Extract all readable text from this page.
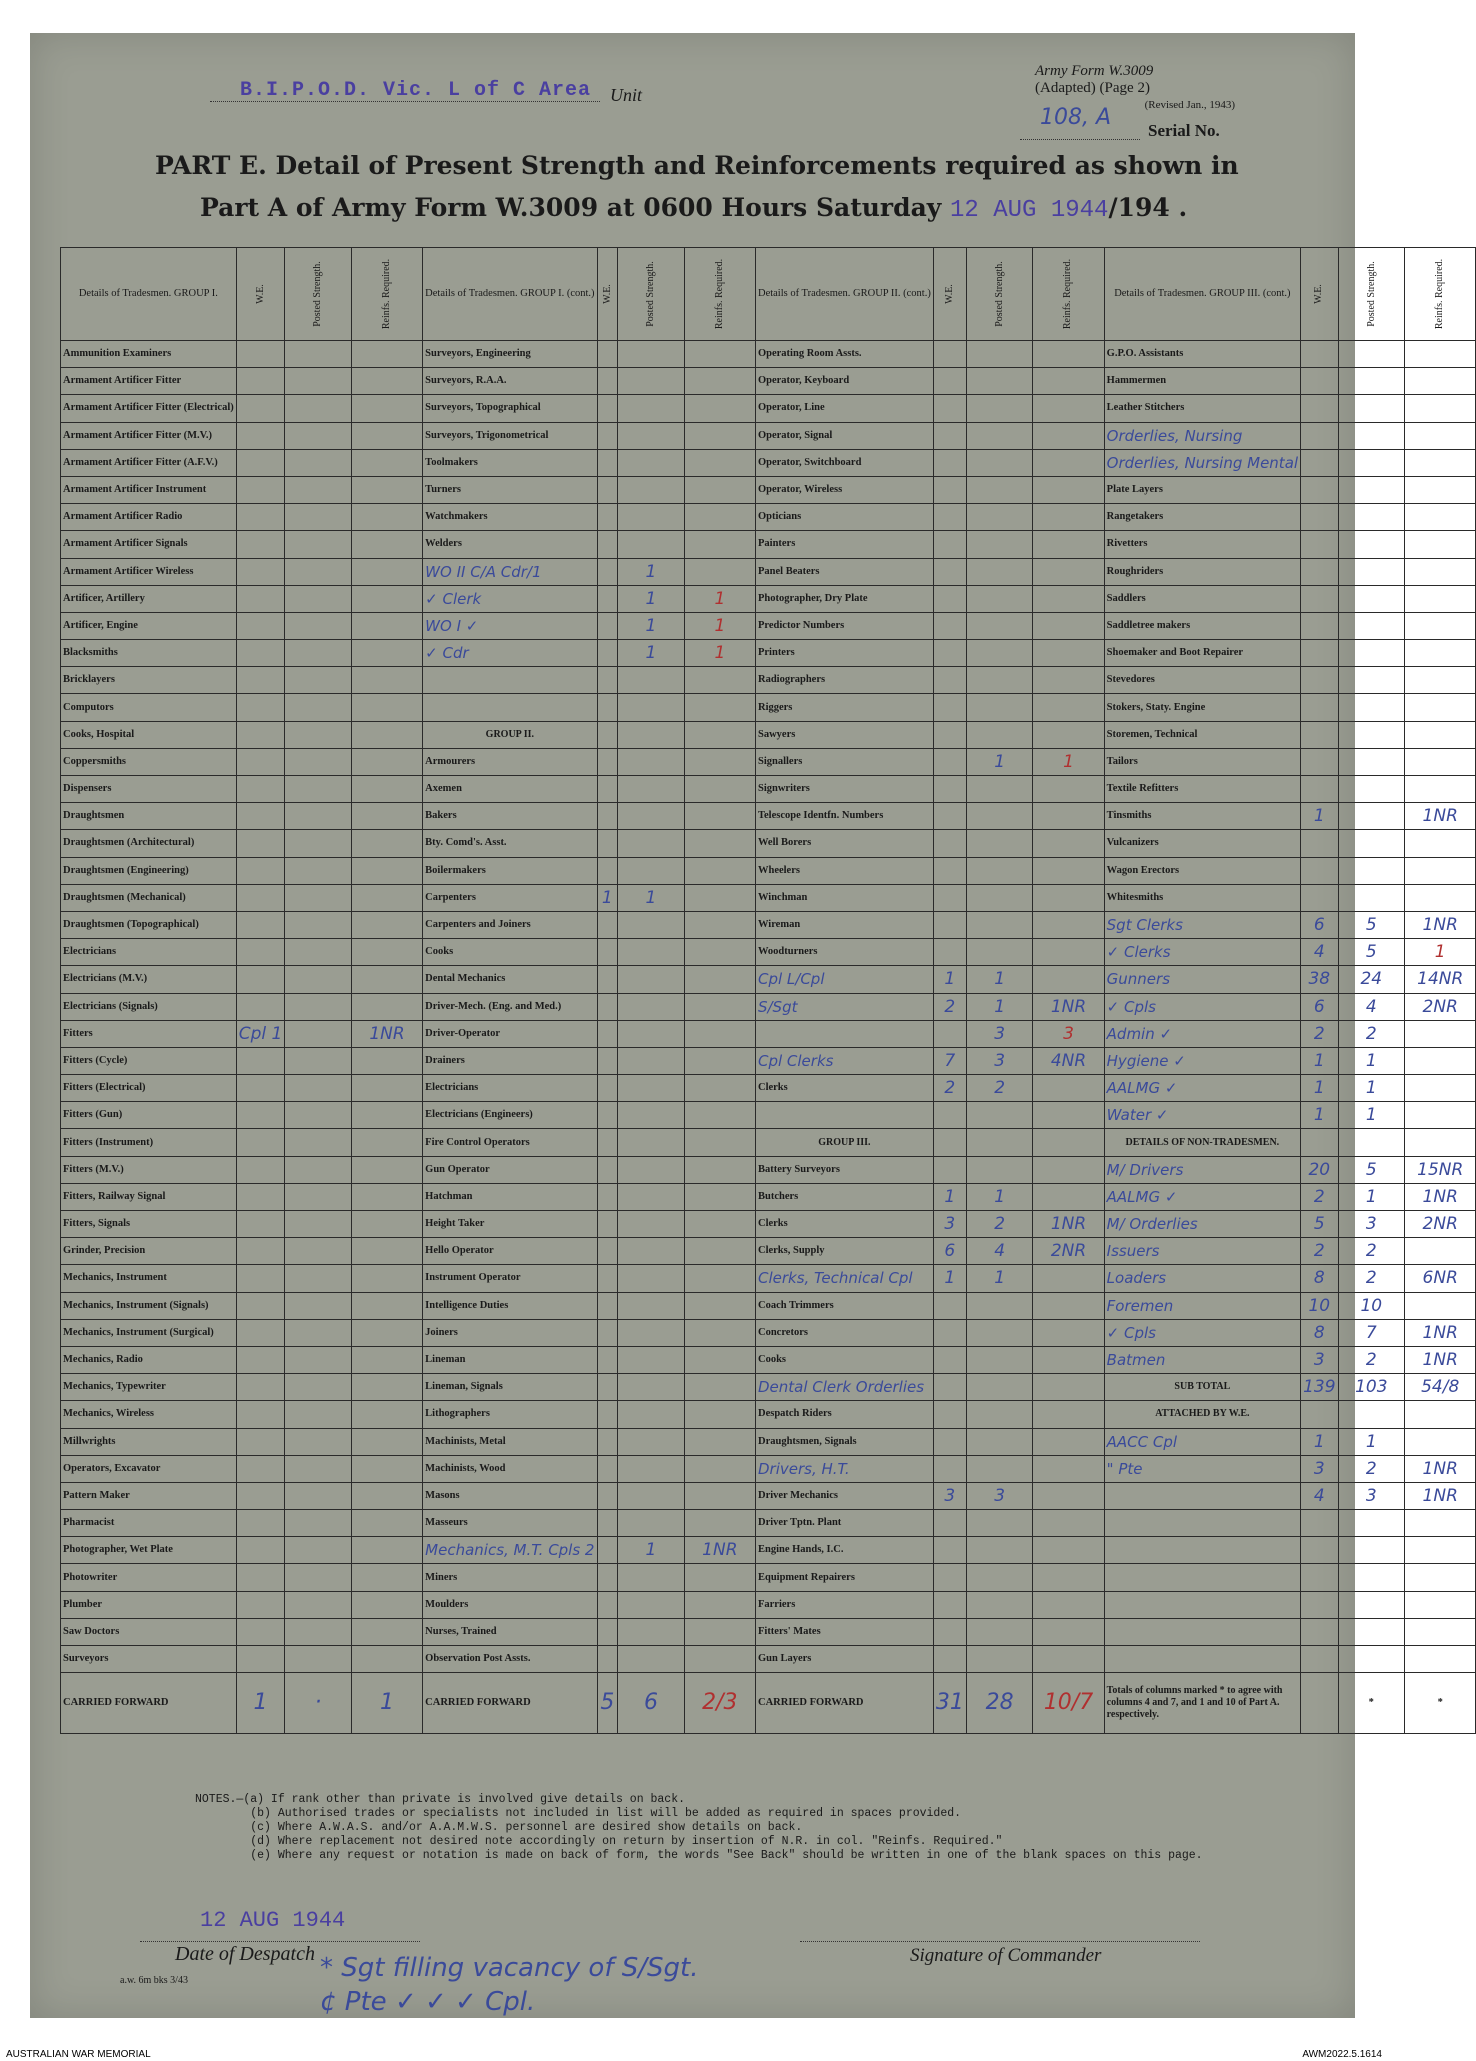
B.I.P.O.D. Vic. L of C Area Unit
Army Form W.3009
(Adapted) (Page 2)
(Revised Jan., 1943)
108, A
Serial No.
PART E. Detail of Present Strength and Reinforcements required as shown in
Part A of Army Form W.3009 at 0600 Hours Saturday 12 AUG 1944/194 .
Details of Tradesmen. GROUP I.	W.E.	Posted Strength.	Reinfs. Required.	Details of Tradesmen. GROUP I. (cont.)	W.E.	Posted Strength.	Reinfs. Required.	Details of Tradesmen. GROUP II. (cont.)	W.E.	Posted Strength.	Reinfs. Required.	Details of Tradesmen. GROUP III. (cont.)	W.E.	Posted Strength.	Reinfs. Required.
Ammunition Examiners				Surveyors, Engineering				Operating Room Assts.				G.P.O. Assistants			
Armament Artificer Fitter				Surveyors, R.A.A.				Operator, Keyboard				Hammermen			
Armament Artificer Fitter (Electrical)				Surveyors, Topographical				Operator, Line				Leather Stitchers			
Armament Artificer Fitter (M.V.)				Surveyors, Trigonometrical				Operator, Signal				Orderlies, Nursing			
Armament Artificer Fitter (A.F.V.)				Toolmakers				Operator, Switchboard				Orderlies, Nursing Mental			
Armament Artificer Instrument				Turners				Operator, Wireless				Plate Layers			
Armament Artificer Radio				Watchmakers				Opticians				Rangetakers			
Armament Artificer Signals				Welders				Painters				Rivetters			
Armament Artificer Wireless				WO II C/A Cdr/1		1		Panel Beaters				Roughriders			
Artificer, Artillery				✓ Clerk		1	1	Photographer, Dry Plate				Saddlers			
Artificer, Engine				WO I ✓		1	1	Predictor Numbers				Saddletree makers			
Blacksmiths				✓ Cdr		1	1	Printers				Shoemaker and Boot Repairer			
Bricklayers								Radiographers				Stevedores			
Computors								Riggers				Stokers, Staty. Engine			
Cooks, Hospital				GROUP II.				Sawyers				Storemen, Technical			
Coppersmiths				Armourers				Signallers		1	1	Tailors			
Dispensers				Axemen				Signwriters				Textile Refitters			
Draughtsmen				Bakers				Telescope Identfn. Numbers				Tinsmiths	1		1NR
Draughtsmen (Architectural)				Bty. Comd's. Asst.				Well Borers				Vulcanizers			
Draughtsmen (Engineering)				Boilermakers				Wheelers				Wagon Erectors			
Draughtsmen (Mechanical)				Carpenters	1	1		Winchman				Whitesmiths			
Draughtsmen (Topographical)				Carpenters and Joiners				Wireman				Sgt Clerks	6	5	1NR
Electricians				Cooks				Woodturners				✓ Clerks	4	5	1
Electricians (M.V.)				Dental Mechanics				Cpl L/Cpl	1	1		Gunners	38	24	14NR
Electricians (Signals)				Driver-Mech. (Eng. and Med.)				S/Sgt	2	1	1NR	✓ Cpls	6	4	2NR
Fitters	Cpl 1		1NR	Driver-Operator						3	3	Admin ✓	2	2	
Fitters (Cycle)				Drainers				Cpl Clerks	7	3	4NR	Hygiene ✓	1	1	
Fitters (Electrical)				Electricians				Clerks	2	2		AALMG ✓	1	1	
Fitters (Gun)				Electricians (Engineers)								Water ✓	1	1	
Fitters (Instrument)				Fire Control Operators				GROUP III.				DETAILS OF NON-TRADESMEN.			
Fitters (M.V.)				Gun Operator				Battery Surveyors				M/ Drivers	20	5	15NR
Fitters, Railway Signal				Hatchman				Butchers	1	1		AALMG ✓	2	1	1NR
Fitters, Signals				Height Taker				Clerks	3	2	1NR	M/ Orderlies	5	3	2NR
Grinder, Precision				Hello Operator				Clerks, Supply	6	4	2NR	Issuers	2	2	
Mechanics, Instrument				Instrument Operator				Clerks, Technical Cpl	1	1		Loaders	8	2	6NR
Mechanics, Instrument (Signals)				Intelligence Duties				Coach Trimmers				Foremen	10	10	
Mechanics, Instrument (Surgical)				Joiners				Concretors				✓ Cpls	8	7	1NR
Mechanics, Radio				Lineman				Cooks				Batmen	3	2	1NR
Mechanics, Typewriter				Lineman, Signals				Dental Clerk Orderlies				SUB TOTAL	139	103	54/8
Mechanics, Wireless				Lithographers				Despatch Riders				ATTACHED BY W.E.			
Millwrights				Machinists, Metal				Draughtsmen, Signals				AACC Cpl	1	1	
Operators, Excavator				Machinists, Wood				Drivers, H.T.				" Pte	3	2	1NR
Pattern Maker				Masons				Driver Mechanics	3	3			4	3	1NR
Pharmacist				Masseurs				Driver Tptn. Plant							
Photographer, Wet Plate				Mechanics, M.T. Cpls 2		1	1NR	Engine Hands, I.C.							
Photowriter				Miners				Equipment Repairers							
Plumber				Moulders				Farriers							
Saw Doctors				Nurses, Trained				Fitters' Mates							
Surveyors				Observation Post Assts.				Gun Layers							
CARRIED FORWARD	1	·	1	CARRIED FORWARD	5	6	2/3	CARRIED FORWARD	31	28	10/7	Totals of columns marked * to agree with columns 4 and 7, and 1 and 10 of Part A. respectively.		*	*
NOTES.—(a) If rank other than private is involved give details on back.
(b) Authorised trades or specialists not included in list will be added as required in spaces provided.
(c) Where A.W.A.S. and/or A.A.M.W.S. personnel are desired show details on back.
(d) Where replacement not desired note accordingly on return by insertion of N.R. in col. "Reinfs. Required."
(e) Where any request or notation is made on back of form, the words "See Back" should be written in one of the blank spaces on this page.
12 AUG 1944
Date of Despatch	Signature of Commander
a.w. 6m bks 3/43	* Sgt filling vacancy of S/Sgt.
¢ Pte ✓ ✓ ✓ Cpl.
AUSTRALIAN WAR MEMORIAL	AWM2022.5.1614
